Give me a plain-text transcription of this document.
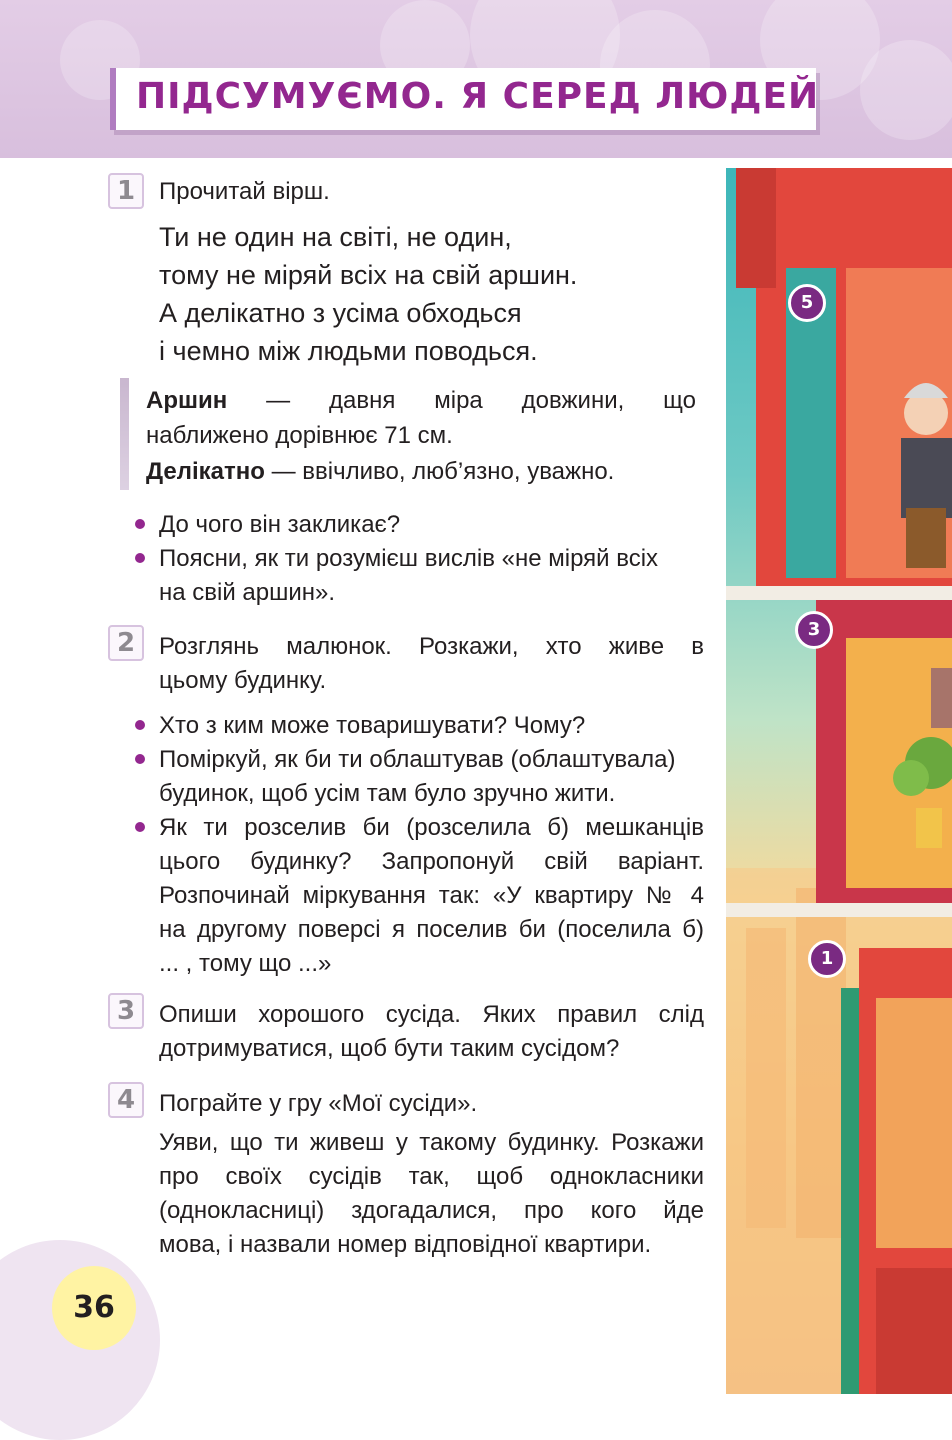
ПІДСУМУЄМО. Я СЕРЕД ЛЮДЕЙ
5
3
1
36
1 Прочитай вірш.
Ти не один на світі, не один,
тому не міряй всіх на свій аршин.
А делікатно з усіма обходься
і чемно між людьми поводься.
Аршин — давня міра довжини, що
наближено дорівнює 71 см.
Делікатно — ввічливо, люб’язно, уважно.
До чого він закликає?
Поясни, як ти розумієш вислів «не міряй всіх
на свій аршин».
2 Розглянь малюнок. Розкажи, хто живе в
цьому будинку.
Хто з ким може товаришувати? Чому?
Поміркуй, як би ти облаштував (облаштувала)
будинок, щоб усім там було зручно жити.
Як ти розселив би (розселила б) мешканців
цього будинку? Запропонуй свій варіант.
Розпочинай міркування так: «У квартиру № 4
на другому поверсі я поселив би (поселила б)
... , тому що ...»
3 Опиши хорошого сусіда. Яких правил слід
дотримуватися, щоб бути таким сусідом?
4 Пограйте у гру «Мої сусіди».
Уяви, що ти живеш у такому будинку. Розкажи
про своїх сусідів так, щоб однокласники
(однокласниці) здогадалися, про кого йде
мова, і назвали номер відповідної квартири.
